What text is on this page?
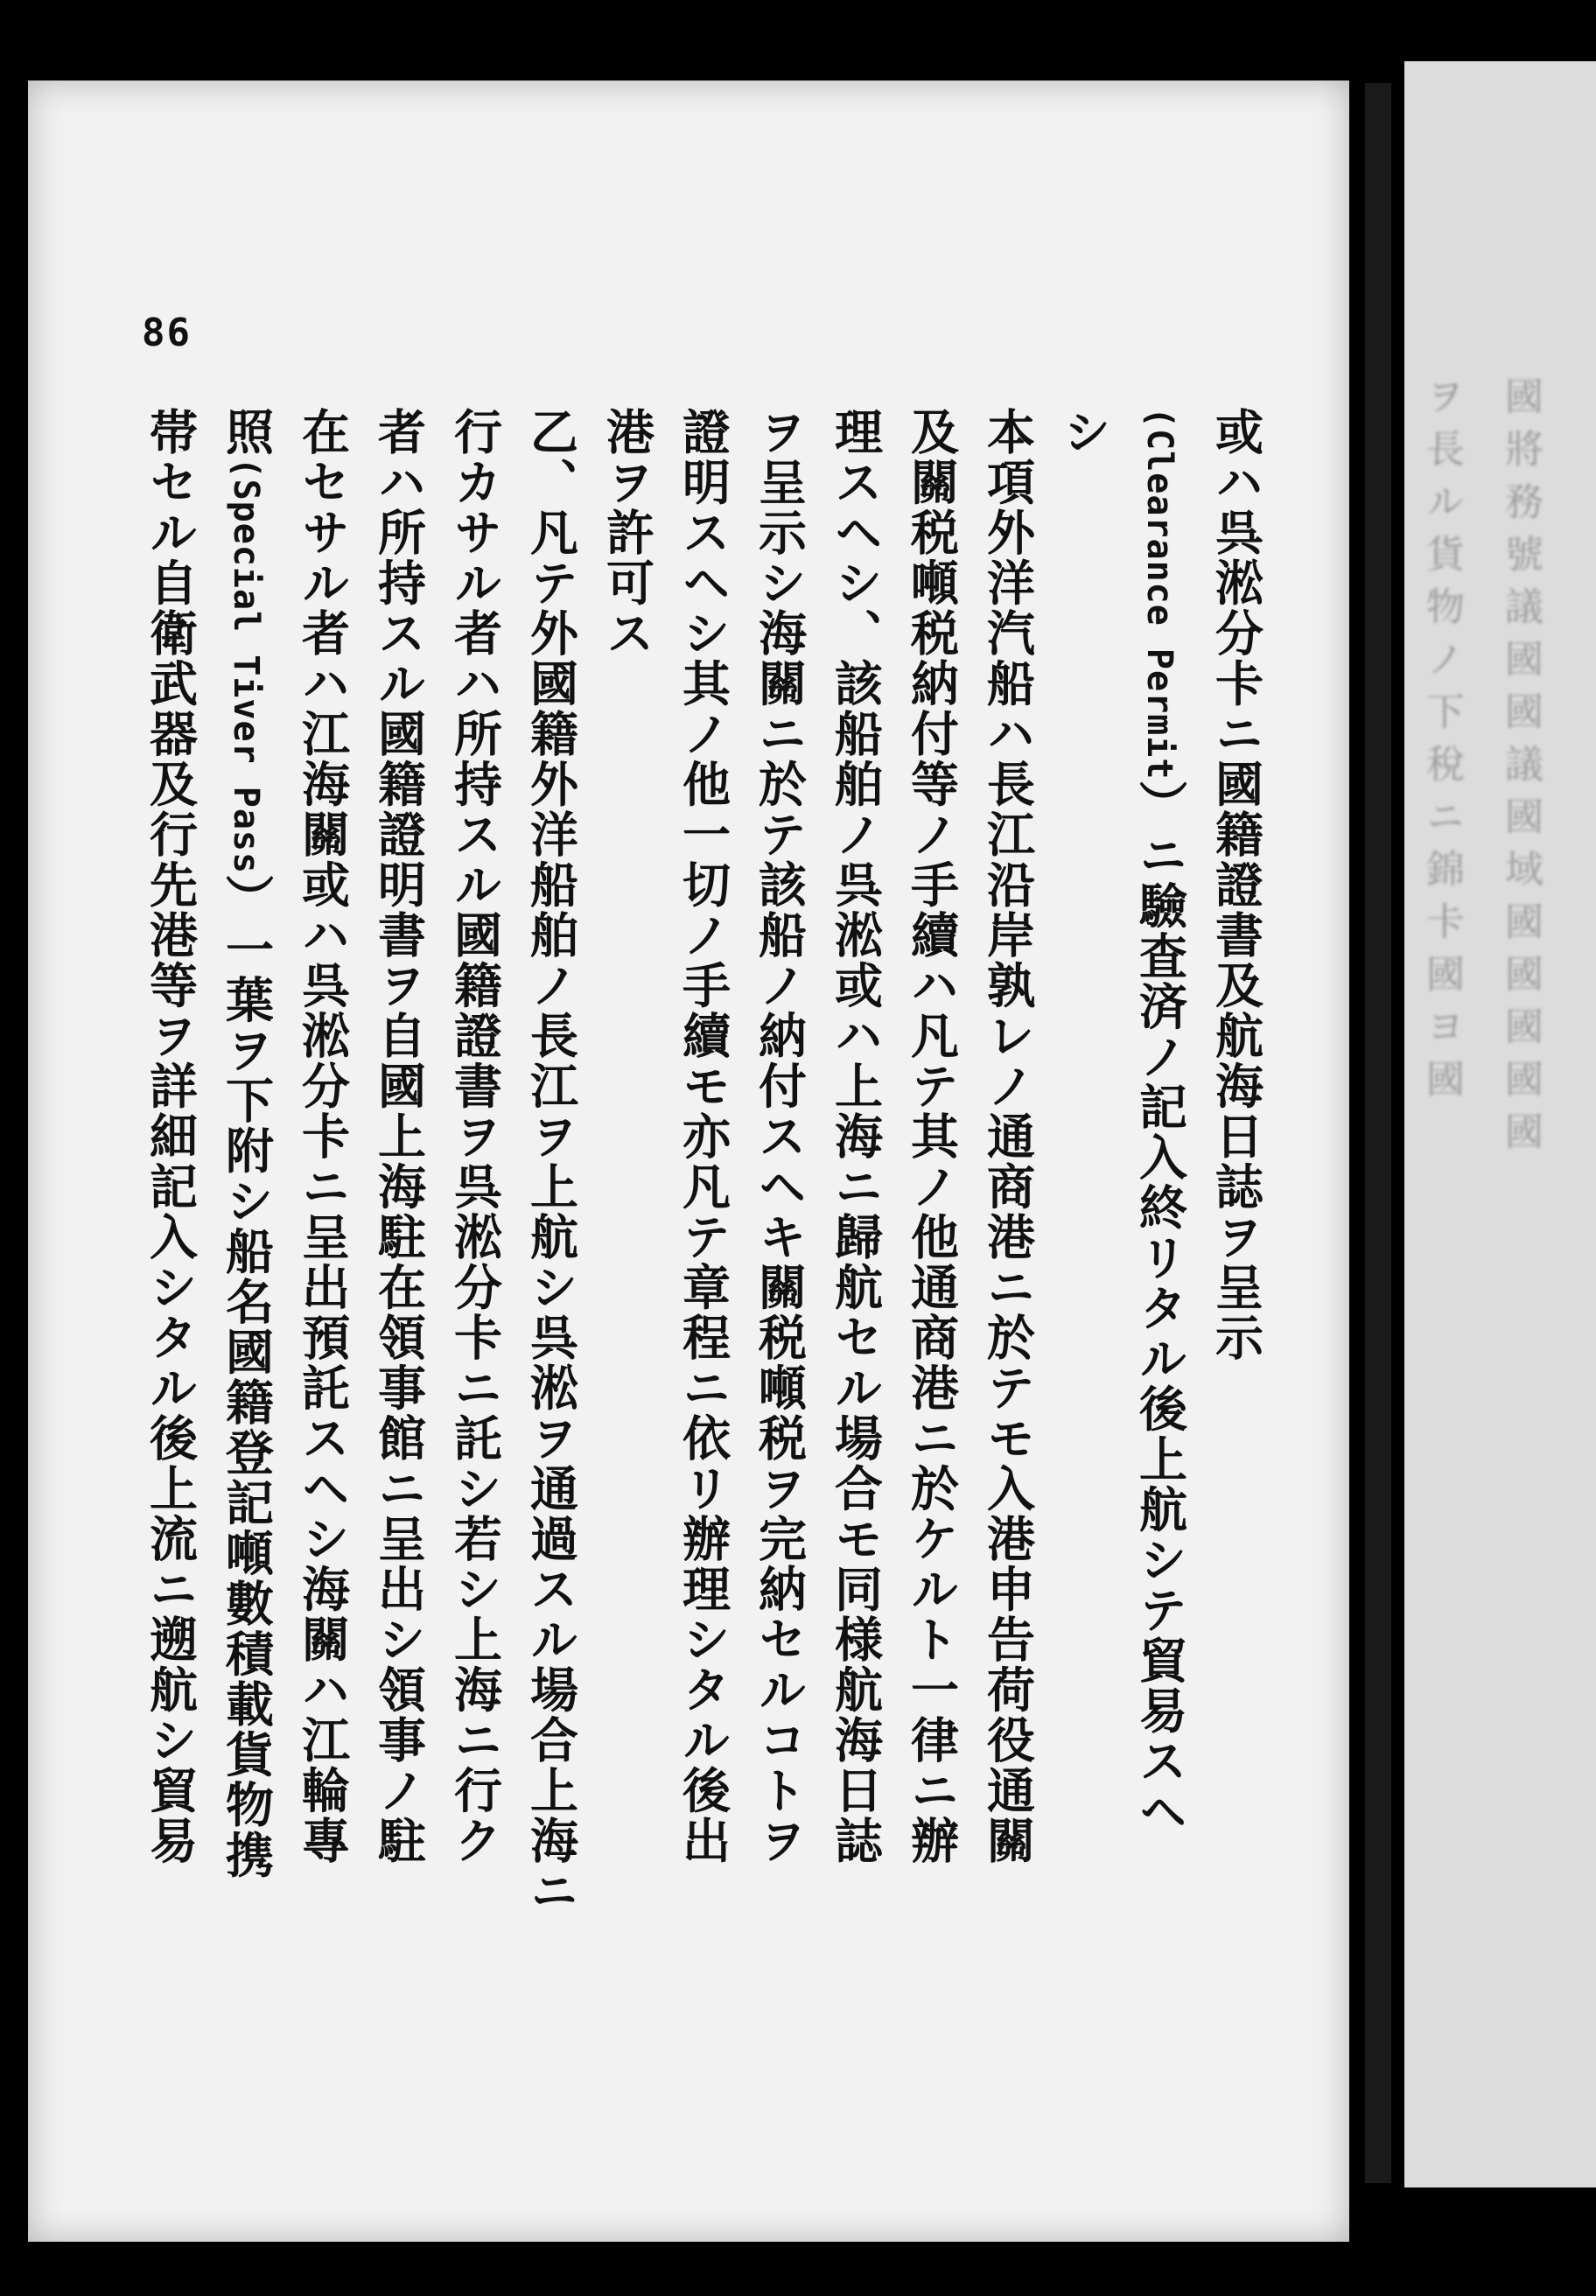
ヲ長ル貨物ノ下稅ニ錦卡國ヨ國 國將務號議國國議國域國國國國國
86
或ハ呉淞分卡ニ國籍證書及航海日誌ヲ呈示
(Clearance Permit）ニ驗査済ノ記入終リタル後上航シテ貿易スヘ
シ
本項外洋汽船ハ長江沿岸孰レノ通商港ニ於テモ入港申告荷役通關
及關税噸税納付等ノ手續ハ凡テ其ノ他通商港ニ於ケルト一律ニ辦
理スヘシ、該船舶ノ呉淞或ハ上海ニ歸航セル場合モ同様航海日誌
ヲ呈示シ海關ニ於テ該船ノ納付スヘキ關税噸税ヲ完納セルコトヲ
證明スヘシ其ノ他一切ノ手續モ亦凡テ章程ニ依リ辦理シタル後出
港ヲ許可ス
乙、凡テ外國籍外洋船舶ノ長江ヲ上航シ呉淞ヲ通過スル場合上海ニ
行カサル者ハ所持スル國籍證書ヲ呉淞分卡ニ託シ若シ上海ニ行ク
者ハ所持スル國籍證明書ヲ自國上海駐在領事館ニ呈出シ領事ノ駐
在セサル者ハ江海關或ハ呉淞分卡ニ呈出預託スヘシ海關ハ江輪專
照(Special Tiver Pass）一葉ヲ下附シ船名國籍登記噸數積載貨物携
帯セル自衛武器及行先港等ヲ詳細記入シタル後上流ニ遡航シ貿易
